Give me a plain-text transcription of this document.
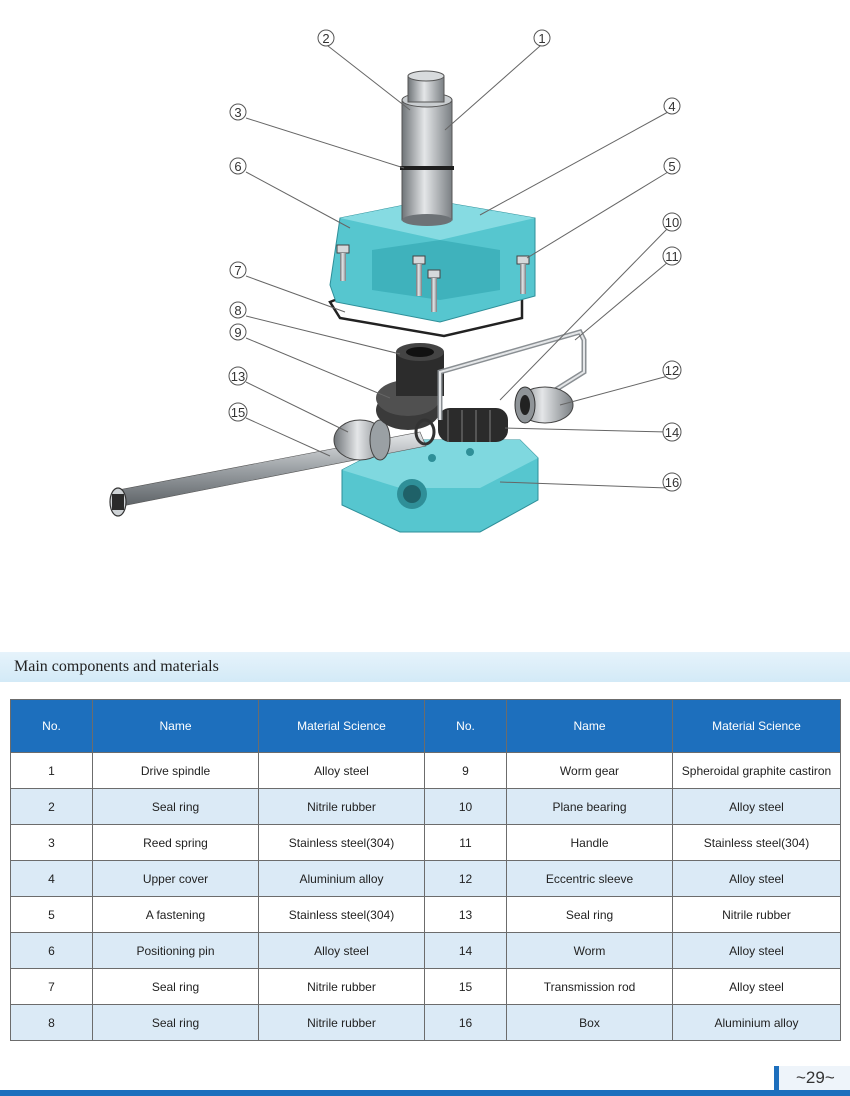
1
2
3	4
5
6
7
8
9
10
11
12
13
14
15
16
Main components and materials
No.	Name	Material Science	No.	Name	Material Science
1	Drive spindle	Alloy steel	9	Worm gear	Spheroidal graphite castiron
2	Seal ring	Nitrile rubber	10	Plane bearing	Alloy steel
3	Reed spring	Stainless steel(304)	11	Handle	Stainless steel(304)
4	Upper cover	Aluminium alloy	12	Eccentric sleeve	Alloy steel
5	A fastening	Stainless steel(304)	13	Seal ring	Nitrile rubber
6	Positioning pin	Alloy steel	14	Worm	Alloy steel
7	Seal ring	Nitrile rubber	15	Transmission rod	Alloy steel
8	Seal ring	Nitrile rubber	16	Box	Aluminium alloy
~29~
